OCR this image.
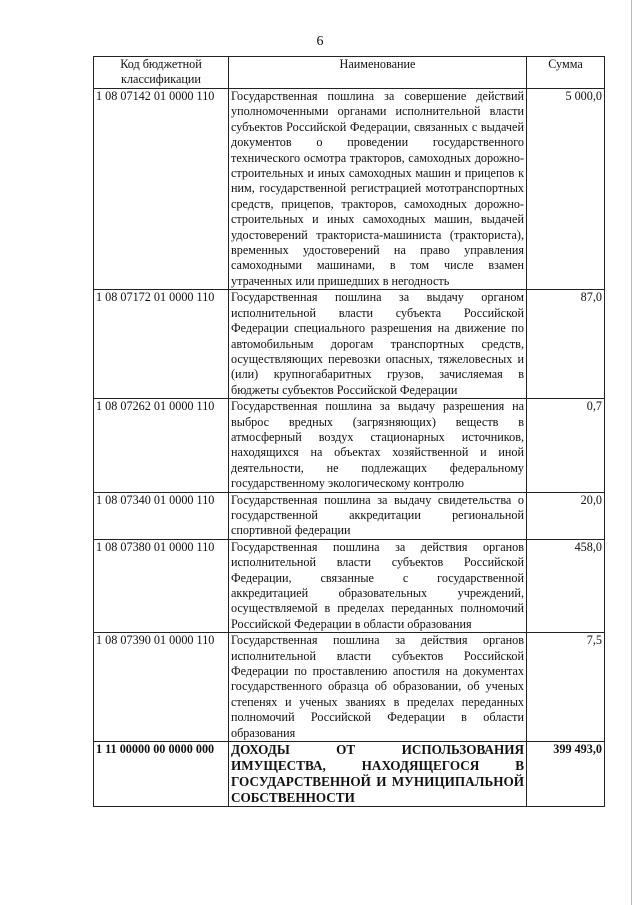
6
Код бюджетной классификации	Наименование	Сумма
1 08 07142 01 0000 110	Государственная пошлина за совершение действий уполномоченными органами исполнительной власти субъектов Российской Федерации, связанных с выдачей документов о проведении государственного технического осмотра тракторов, самоходных дорожно-строительных и иных самоходных машин и прицепов к ним, государственной регистрацией мототранспортных средств, прицепов, тракторов, самоходных дорожно-строительных и иных самоходных машин, выдачей удостоверений тракториста-машиниста (тракториста), временных удостоверений на право управления самоходными машинами, в том числе взамен утраченных или пришедших в негодность	5 000,0
1 08 07172 01 0000 110	Государственная пошлина за выдачу органом исполнительной власти субъекта Российской Федерации специального разрешения на движение по автомобильным дорогам транспортных средств, осуществляющих перевозки опасных, тяжеловесных и (или) крупногабаритных грузов, зачисляемая в бюджеты субъектов Российской Федерации	87,0
1 08 07262 01 0000 110	Государственная пошлина за выдачу разрешения на выброс вредных (загрязняющих) веществ в атмосферный воздух стационарных источников, находящихся на объектах хозяйственной и иной деятельности, не подлежащих федеральному государственному экологическому контролю	0,7
1 08 07340 01 0000 110	Государственная пошлина за выдачу свидетельства о государственной аккредитации региональной спортивной федерации	20,0
1 08 07380 01 0000 110	Государственная пошлина за действия органов исполнительной власти субъектов Российской Федерации, связанные с государственной аккредитацией образовательных учреждений, осуществляемой в пределах переданных полномочий Российской Федерации в области образования	458,0
1 08 07390 01 0000 110	Государственная пошлина за действия органов исполнительной власти субъектов Российской Федерации по проставлению апостиля на документах государственного образца об образовании, об ученых степенях и ученых званиях в пределах переданных полномочий Российской Федерации в области образования	7,5
1 11 00000 00 0000 000	ДОХОДЫ ОТ ИСПОЛЬЗОВАНИЯ ИМУЩЕСТВА, НАХОДЯЩЕГОСЯ В ГОСУДАРСТВЕННОЙ И МУНИЦИПАЛЬНОЙ СОБСТВЕННОСТИ	399 493,0
